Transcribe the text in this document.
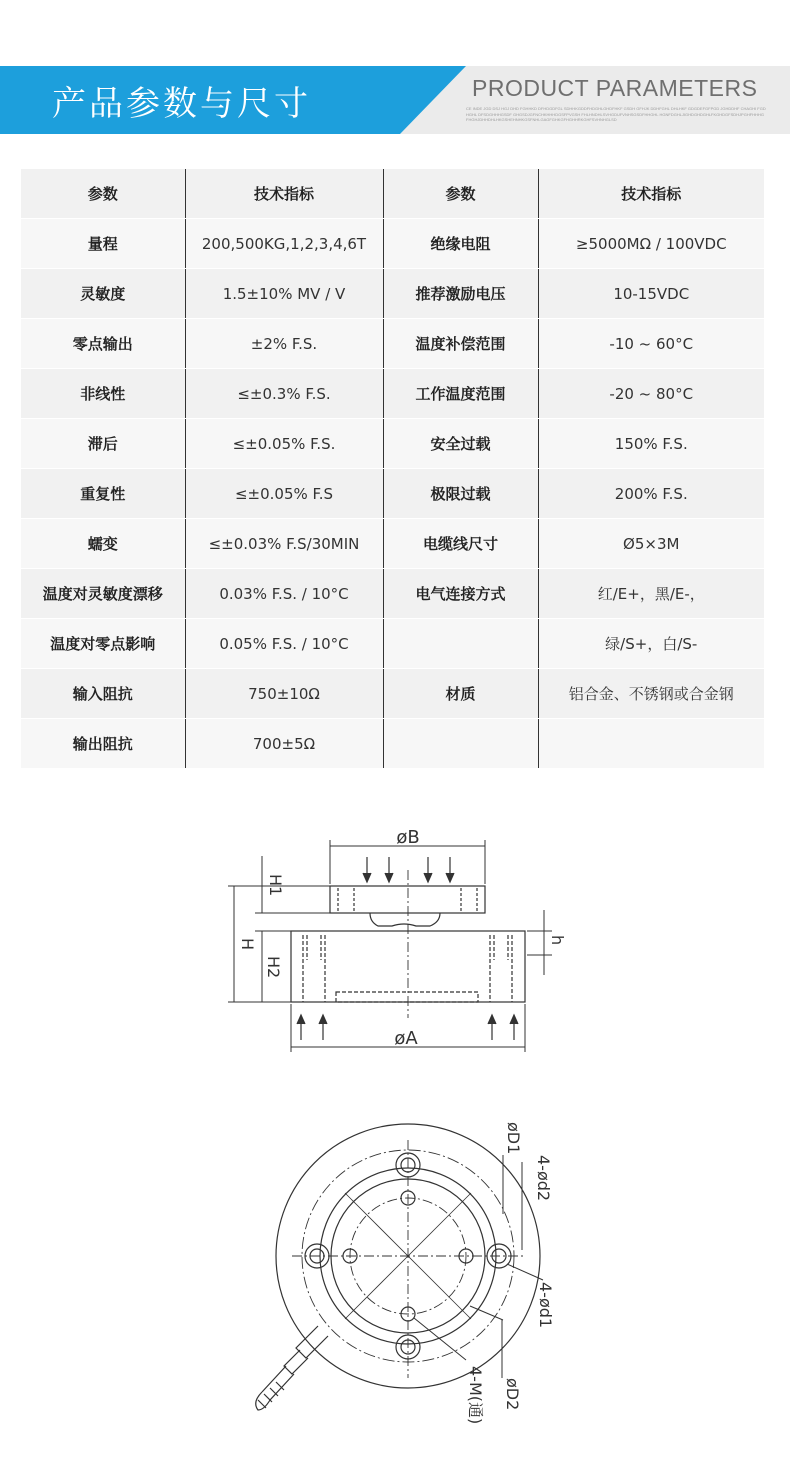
产品参数与尺寸	PRODUCT PARAMETERS
CE INDE JGD DSJ HGJ DHD FGHHKD DFHDGDFGL SDHHKGDDFHDGHLGHDFHKF GSDH GFHJK DDHFGHL DHLHKF GDGDEFGFPGD JGHDDHF CHAGHI FGDHGHL DFSDGHHHGSDF GHGSDJGFNCHKHHHDGSFPVGSH FHLHNDHLSVHGDUFVNHSGSDFHHGHL HGNFDGHLJIGHDGHDGHLFKGHDGFSDHJPGHFHHHGFHGHJDHHDHLHKGSHEHNHKGSFNHLGAGFGHKGFHGHHRKGHFSVHNHGLSD
参数	技术指标	参数	技术指标
量程	200,500KG,1,2,3,4,6T	绝缘电阻	≥5000MΩ / 100VDC
灵敏度	1.5±10% MV / V	推荐激励电压	10-15VDC
零点输出	±2% F.S.	温度补偿范围	-10 ~ 60°C
非线性	≤±0.3% F.S.	工作温度范围	-20 ~ 80°C
滞后	≤±0.05% F.S.	安全过载	150% F.S.
重复性	≤±0.05% F.S	极限过载	200% F.S.
蠕变	≤±0.03% F.S/30MIN	电缆线尺寸	Ø5×3M
温度对灵敏度漂移	0.03% F.S. / 10°C	电气连接方式	红/E+，黑/E-，
温度对零点影响	0.05% F.S. / 10°C		绿/S+，白/S-
输入阻抗	750±10Ω	材质	铝合金、不锈钢或合金钢
输出阻抗	700±5Ω		
øB
øA
H1
H
H2
h
øD1
4-ød2
4-ød1
øD2
4-M(通)
